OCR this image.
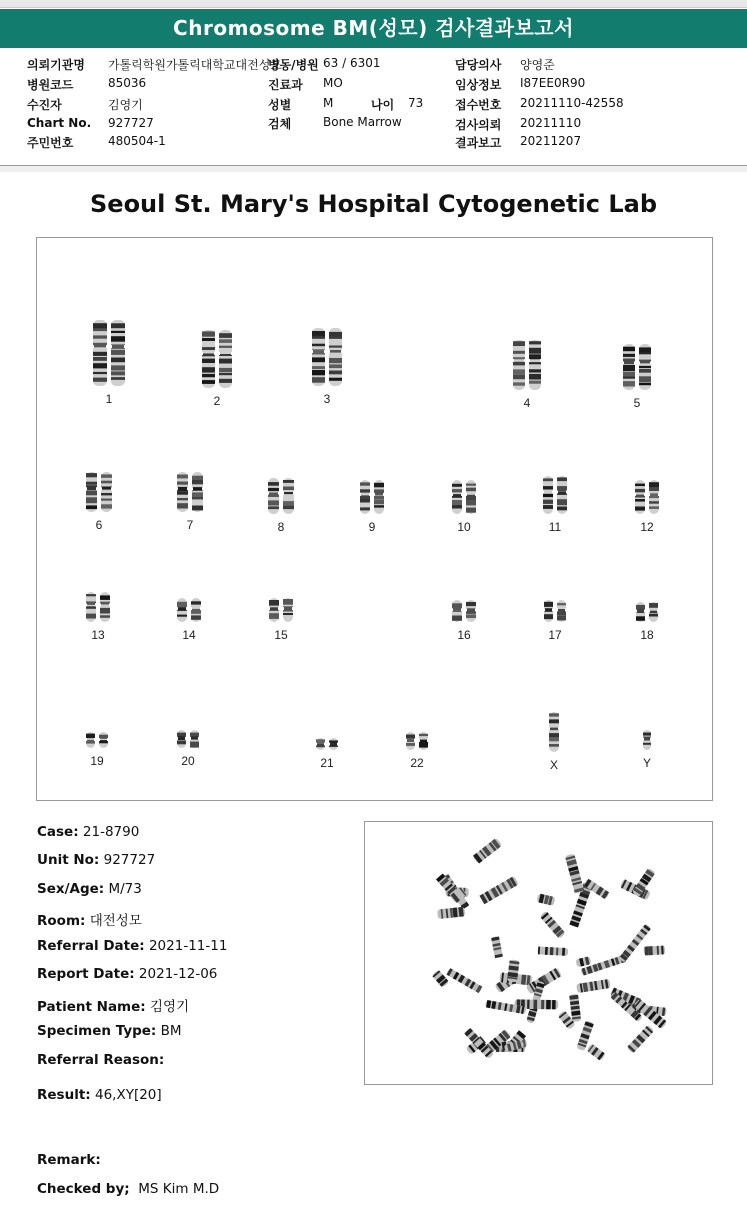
Chromosome BM(성모) 검사결과보고서
의뢰기관명 가톨릭학원가톨릭대학교대전성모
병원코드	85036
수진자	김영기
Chart No. 927727
주민번호	480504-1
병동/병원 63 / 6301
진료과 MO
성별	M	나이 73
검체	Bone Marrow
담당의사 양영준
임상정보 I87EE0R90
접수번호 20211110-42558
검사의뢰 20211110
결과보고 20211207
Seoul St. Mary's Hospital Cytogenetic Lab
1	2	3	4	5
6	7	8	9	10	11	12
13	14	15	16	17	18
19	20	21	22	X	Y
Case: 21-8790
Unit No: 927727
Sex/Age: M/73
Room: 대전성모
Referral Date: 2021-11-11
Report Date: 2021-12-06
Patient Name: 김영기
Specimen Type: BM
Referral Reason:
Result: 46,XY[20]
Remark:
Checked by; MS Kim M.D
